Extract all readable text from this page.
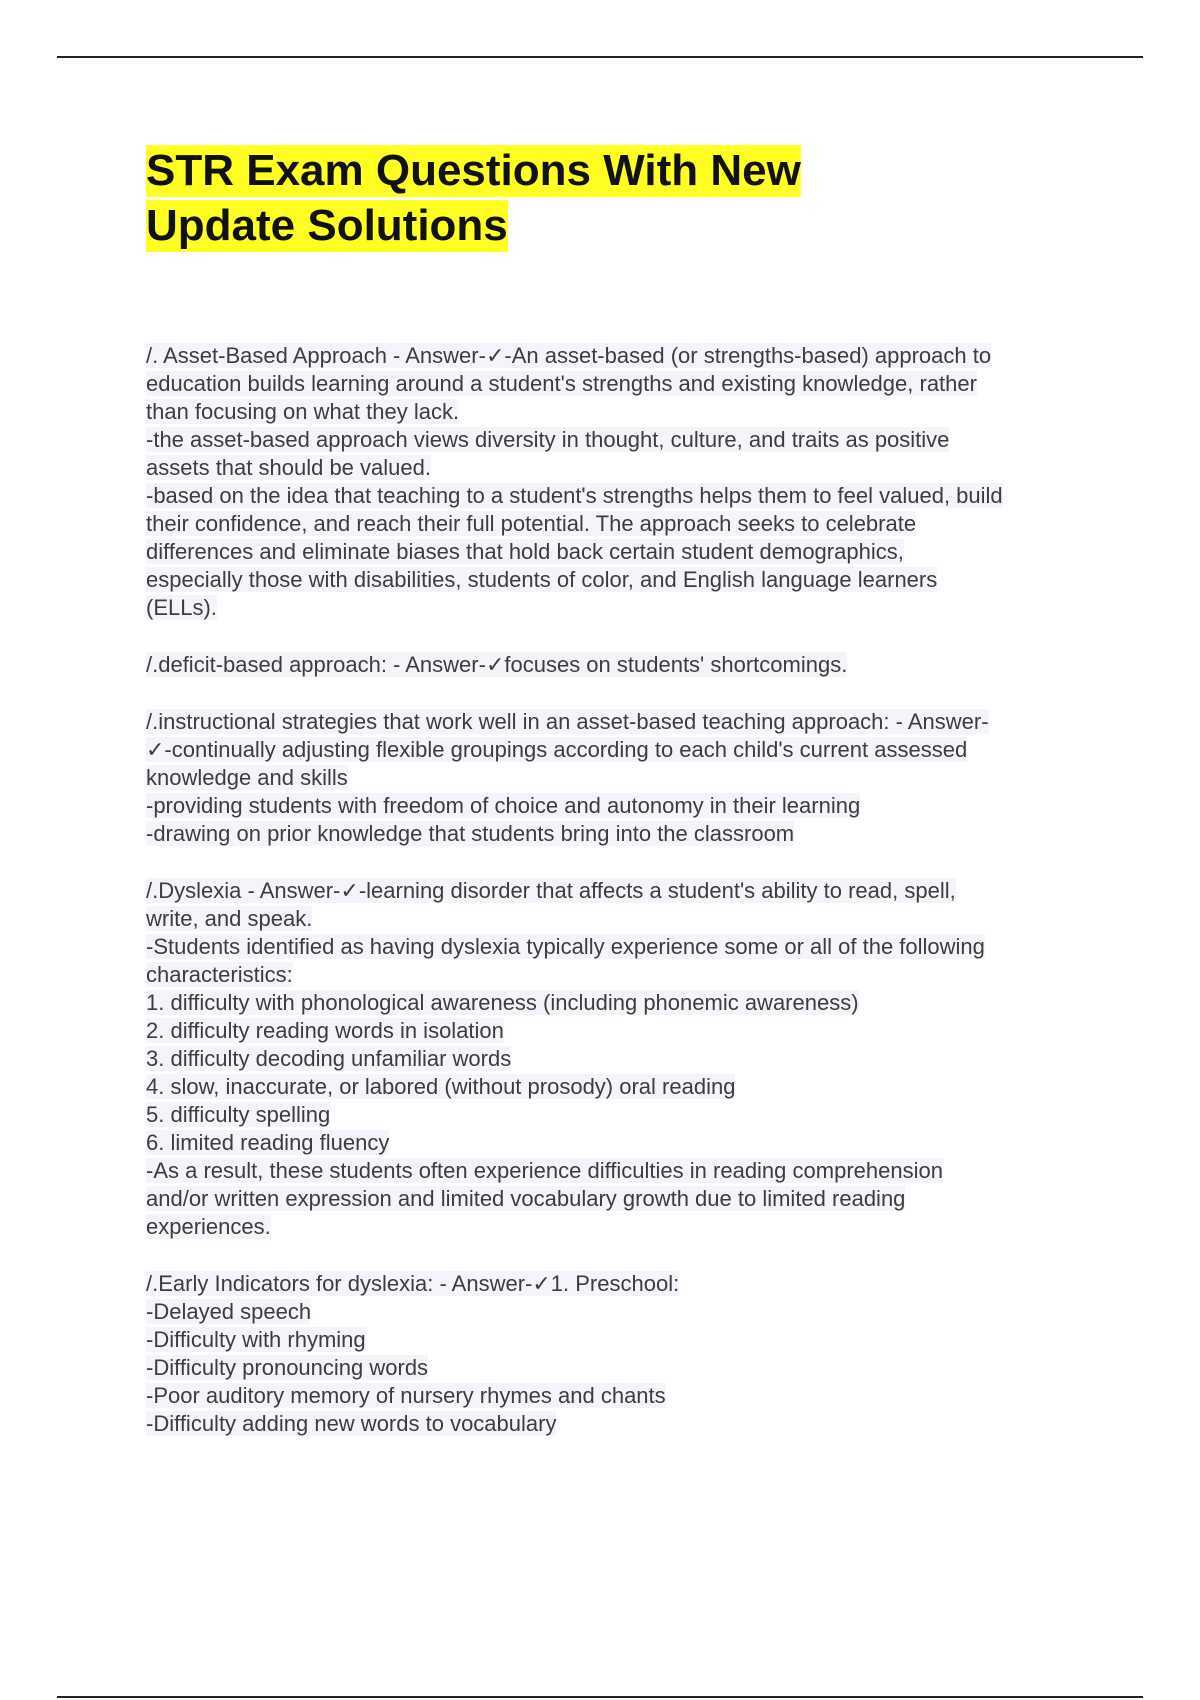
STR Exam Questions With New
Update Solutions
/. Asset-Based Approach - Answer-✓-An asset-based (or strengths-based) approach to
education builds learning around a student's strengths and existing knowledge, rather
than focusing on what they lack.
-the asset-based approach views diversity in thought, culture, and traits as positive
assets that should be valued.
-based on the idea that teaching to a student's strengths helps them to feel valued, build
their confidence, and reach their full potential. The approach seeks to celebrate
differences and eliminate biases that hold back certain student demographics,
especially those with disabilities, students of color, and English language learners
(ELLs).
/.deficit-based approach: - Answer-✓focuses on students' shortcomings.
/.instructional strategies that work well in an asset-based teaching approach: - Answer-
✓-continually adjusting flexible groupings according to each child's current assessed
knowledge and skills
-providing students with freedom of choice and autonomy in their learning
-drawing on prior knowledge that students bring into the classroom
/.Dyslexia - Answer-✓-learning disorder that affects a student's ability to read, spell,
write, and speak.
-Students identified as having dyslexia typically experience some or all of the following
characteristics:
1. difficulty with phonological awareness (including phonemic awareness)
2. difficulty reading words in isolation
3. difficulty decoding unfamiliar words
4. slow, inaccurate, or labored (without prosody) oral reading
5. difficulty spelling
6. limited reading fluency
-As a result, these students often experience difficulties in reading comprehension
and/or written expression and limited vocabulary growth due to limited reading
experiences.
/.Early Indicators for dyslexia: - Answer-✓1. Preschool:
-Delayed speech
-Difficulty with rhyming
-Difficulty pronouncing words
-Poor auditory memory of nursery rhymes and chants
-Difficulty adding new words to vocabulary
